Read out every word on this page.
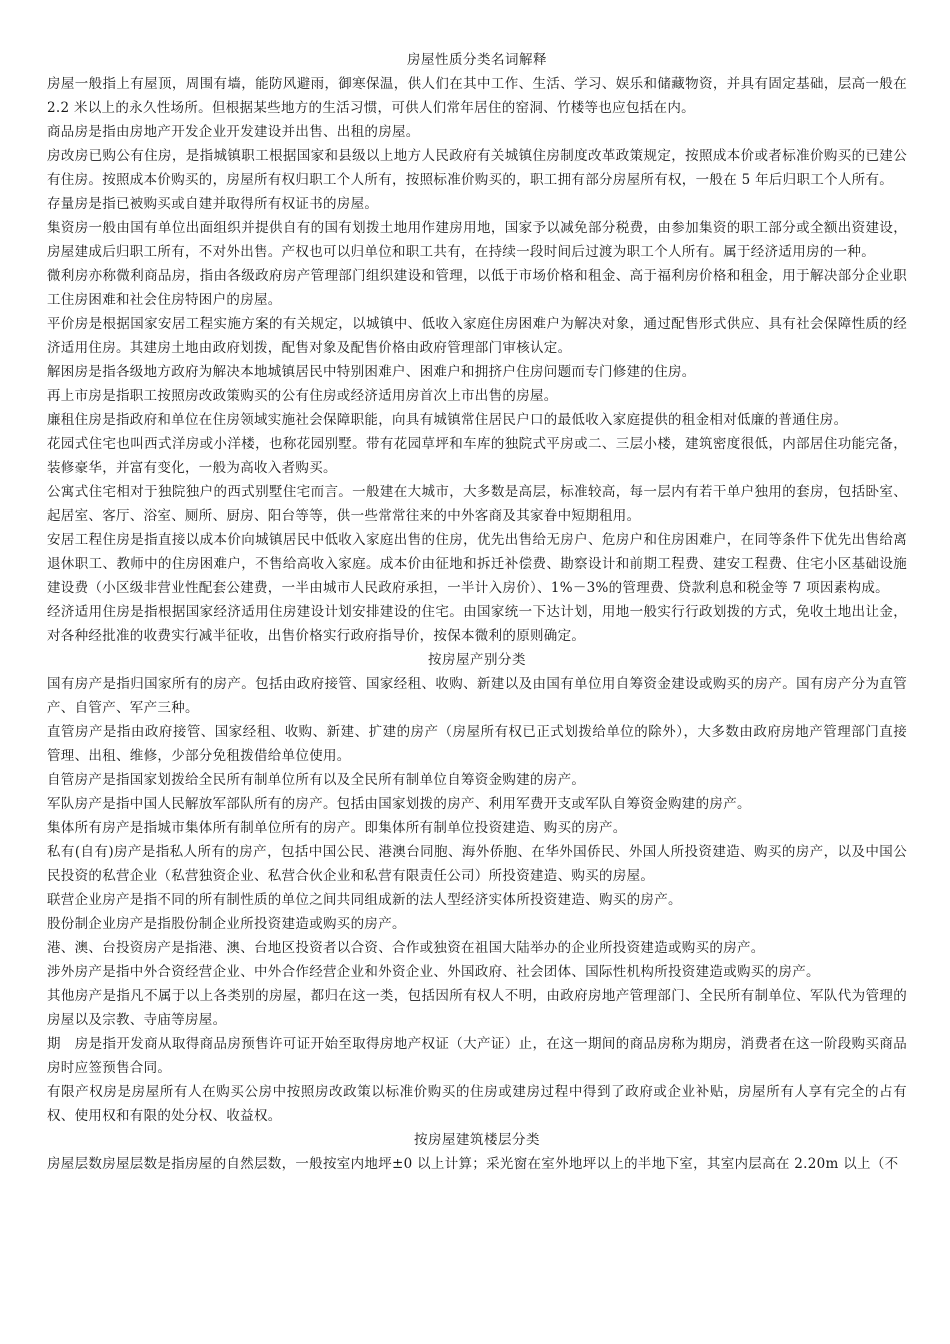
房屋性质分类名词解释
房屋一般指上有屋顶，周围有墙，能防风避雨，御寒保温，供人们在其中工作、生活、学习、娱乐和储藏物资，并具有固定基础，层高一般在 2.2 米以上的永久性场所。但根据某些地方的生活习惯，可供人们常年居住的窑洞、竹楼等也应包括在内。
商品房是指由房地产开发企业开发建设并出售、出租的房屋。
房改房已购公有住房，是指城镇职工根据国家和县级以上地方人民政府有关城镇住房制度改革政策规定，按照成本价或者标准价购买的已建公有住房。按照成本价购买的，房屋所有权归职工个人所有，按照标准价购买的，职工拥有部分房屋所有权，一般在 5 年后归职工个人所有。
存量房是指已被购买或自建并取得所有权证书的房屋。
集资房一般由国有单位出面组织并提供自有的国有划拨土地用作建房用地，国家予以减免部分税费，由参加集资的职工部分或全额出资建设，房屋建成后归职工所有，不对外出售。产权也可以归单位和职工共有，在持续一段时间后过渡为职工个人所有。属于经济适用房的一种。
微利房亦称微利商品房，指由各级政府房产管理部门组织建设和管理，以低于市场价格和租金、高于福利房价格和租金，用于解决部分企业职工住房困难和社会住房特困户的房屋。
平价房是根据国家安居工程实施方案的有关规定，以城镇中、低收入家庭住房困难户为解决对象，通过配售形式供应、具有社会保障性质的经济适用住房。其建房土地由政府划拨，配售对象及配售价格由政府管理部门审核认定。
解困房是指各级地方政府为解决本地城镇居民中特别困难户、困难户和拥挤户住房问题而专门修建的住房。
再上市房是指职工按照房改政策购买的公有住房或经济适用房首次上市出售的房屋。
廉租住房是指政府和单位在住房领域实施社会保障职能，向具有城镇常住居民户口的最低收入家庭提供的租金相对低廉的普通住房。
花园式住宅也叫西式洋房或小洋楼，也称花园别墅。带有花园草坪和车库的独院式平房或二、三层小楼，建筑密度很低，内部居住功能完备，装修豪华，并富有变化，一般为高收入者购买。
公寓式住宅相对于独院独户的西式别墅住宅而言。一般建在大城市，大多数是高层，标准较高，每一层内有若干单户独用的套房，包括卧室、起居室、客厅、浴室、厕所、厨房、阳台等等，供一些常常往来的中外客商及其家眷中短期租用。
安居工程住房是指直接以成本价向城镇居民中低收入家庭出售的住房，优先出售给无房户、危房户和住房困难户，在同等条件下优先出售给离退休职工、教师中的住房困难户，不售给高收入家庭。成本价由征地和拆迁补偿费、勘察设计和前期工程费、建安工程费、住宅小区基础设施建设费（小区级非营业性配套公建费，一半由城市人民政府承担，一半计入房价）、1%－3%的管理费、贷款利息和税金等 7 项因素构成。
经济适用住房是指根据国家经济适用住房建设计划安排建设的住宅。由国家统一下达计划，用地一般实行行政划拨的方式，免收土地出让金，对各种经批准的收费实行减半征收，出售价格实行政府指导价，按保本微利的原则确定。
按房屋产别分类
国有房产是指归国家所有的房产。包括由政府接管、国家经租、收购、新建以及由国有单位用自筹资金建设或购买的房产。国有房产分为直管产、自管产、军产三种。
直管房产是指由政府接管、国家经租、收购、新建、扩建的房产（房屋所有权已正式划拨给单位的除外），大多数由政府房地产管理部门直接管理、出租、维修，少部分免租拨借给单位使用。
自管房产是指国家划拨给全民所有制单位所有以及全民所有制单位自筹资金购建的房产。
军队房产是指中国人民解放军部队所有的房产。包括由国家划拨的房产、利用军费开支或军队自筹资金购建的房产。
集体所有房产是指城市集体所有制单位所有的房产。即集体所有制单位投资建造、购买的房产。
私有(自有)房产是指私人所有的房产，包括中国公民、港澳台同胞、海外侨胞、在华外国侨民、外国人所投资建造、购买的房产，以及中国公民投资的私营企业（私营独资企业、私营合伙企业和私营有限责任公司）所投资建造、购买的房屋。
联营企业房产是指不同的所有制性质的单位之间共同组成新的法人型经济实体所投资建造、购买的房产。
股份制企业房产是指股份制企业所投资建造或购买的房产。
港、澳、台投资房产是指港、澳、台地区投资者以合资、合作或独资在祖国大陆举办的企业所投资建造或购买的房产。
涉外房产是指中外合资经营企业、中外合作经营企业和外资企业、外国政府、社会团体、国际性机构所投资建造或购买的房产。
其他房产是指凡不属于以上各类别的房屋，都归在这一类，包括因所有权人不明，由政府房地产管理部门、全民所有制单位、军队代为管理的房屋以及宗教、寺庙等房屋。
期　房是指开发商从取得商品房预售许可证开始至取得房地产权证（大产证）止，在这一期间的商品房称为期房，消费者在这一阶段购买商品房时应签预售合同。
有限产权房是房屋所有人在购买公房中按照房改政策以标准价购买的住房或建房过程中得到了政府或企业补贴，房屋所有人享有完全的占有权、使用权和有限的处分权、收益权。
按房屋建筑楼层分类
房屋层数房屋层数是指房屋的自然层数，一般按室内地坪±0 以上计算；采光窗在室外地坪以上的半地下室，其室内层高在 2.20m 以上（不
